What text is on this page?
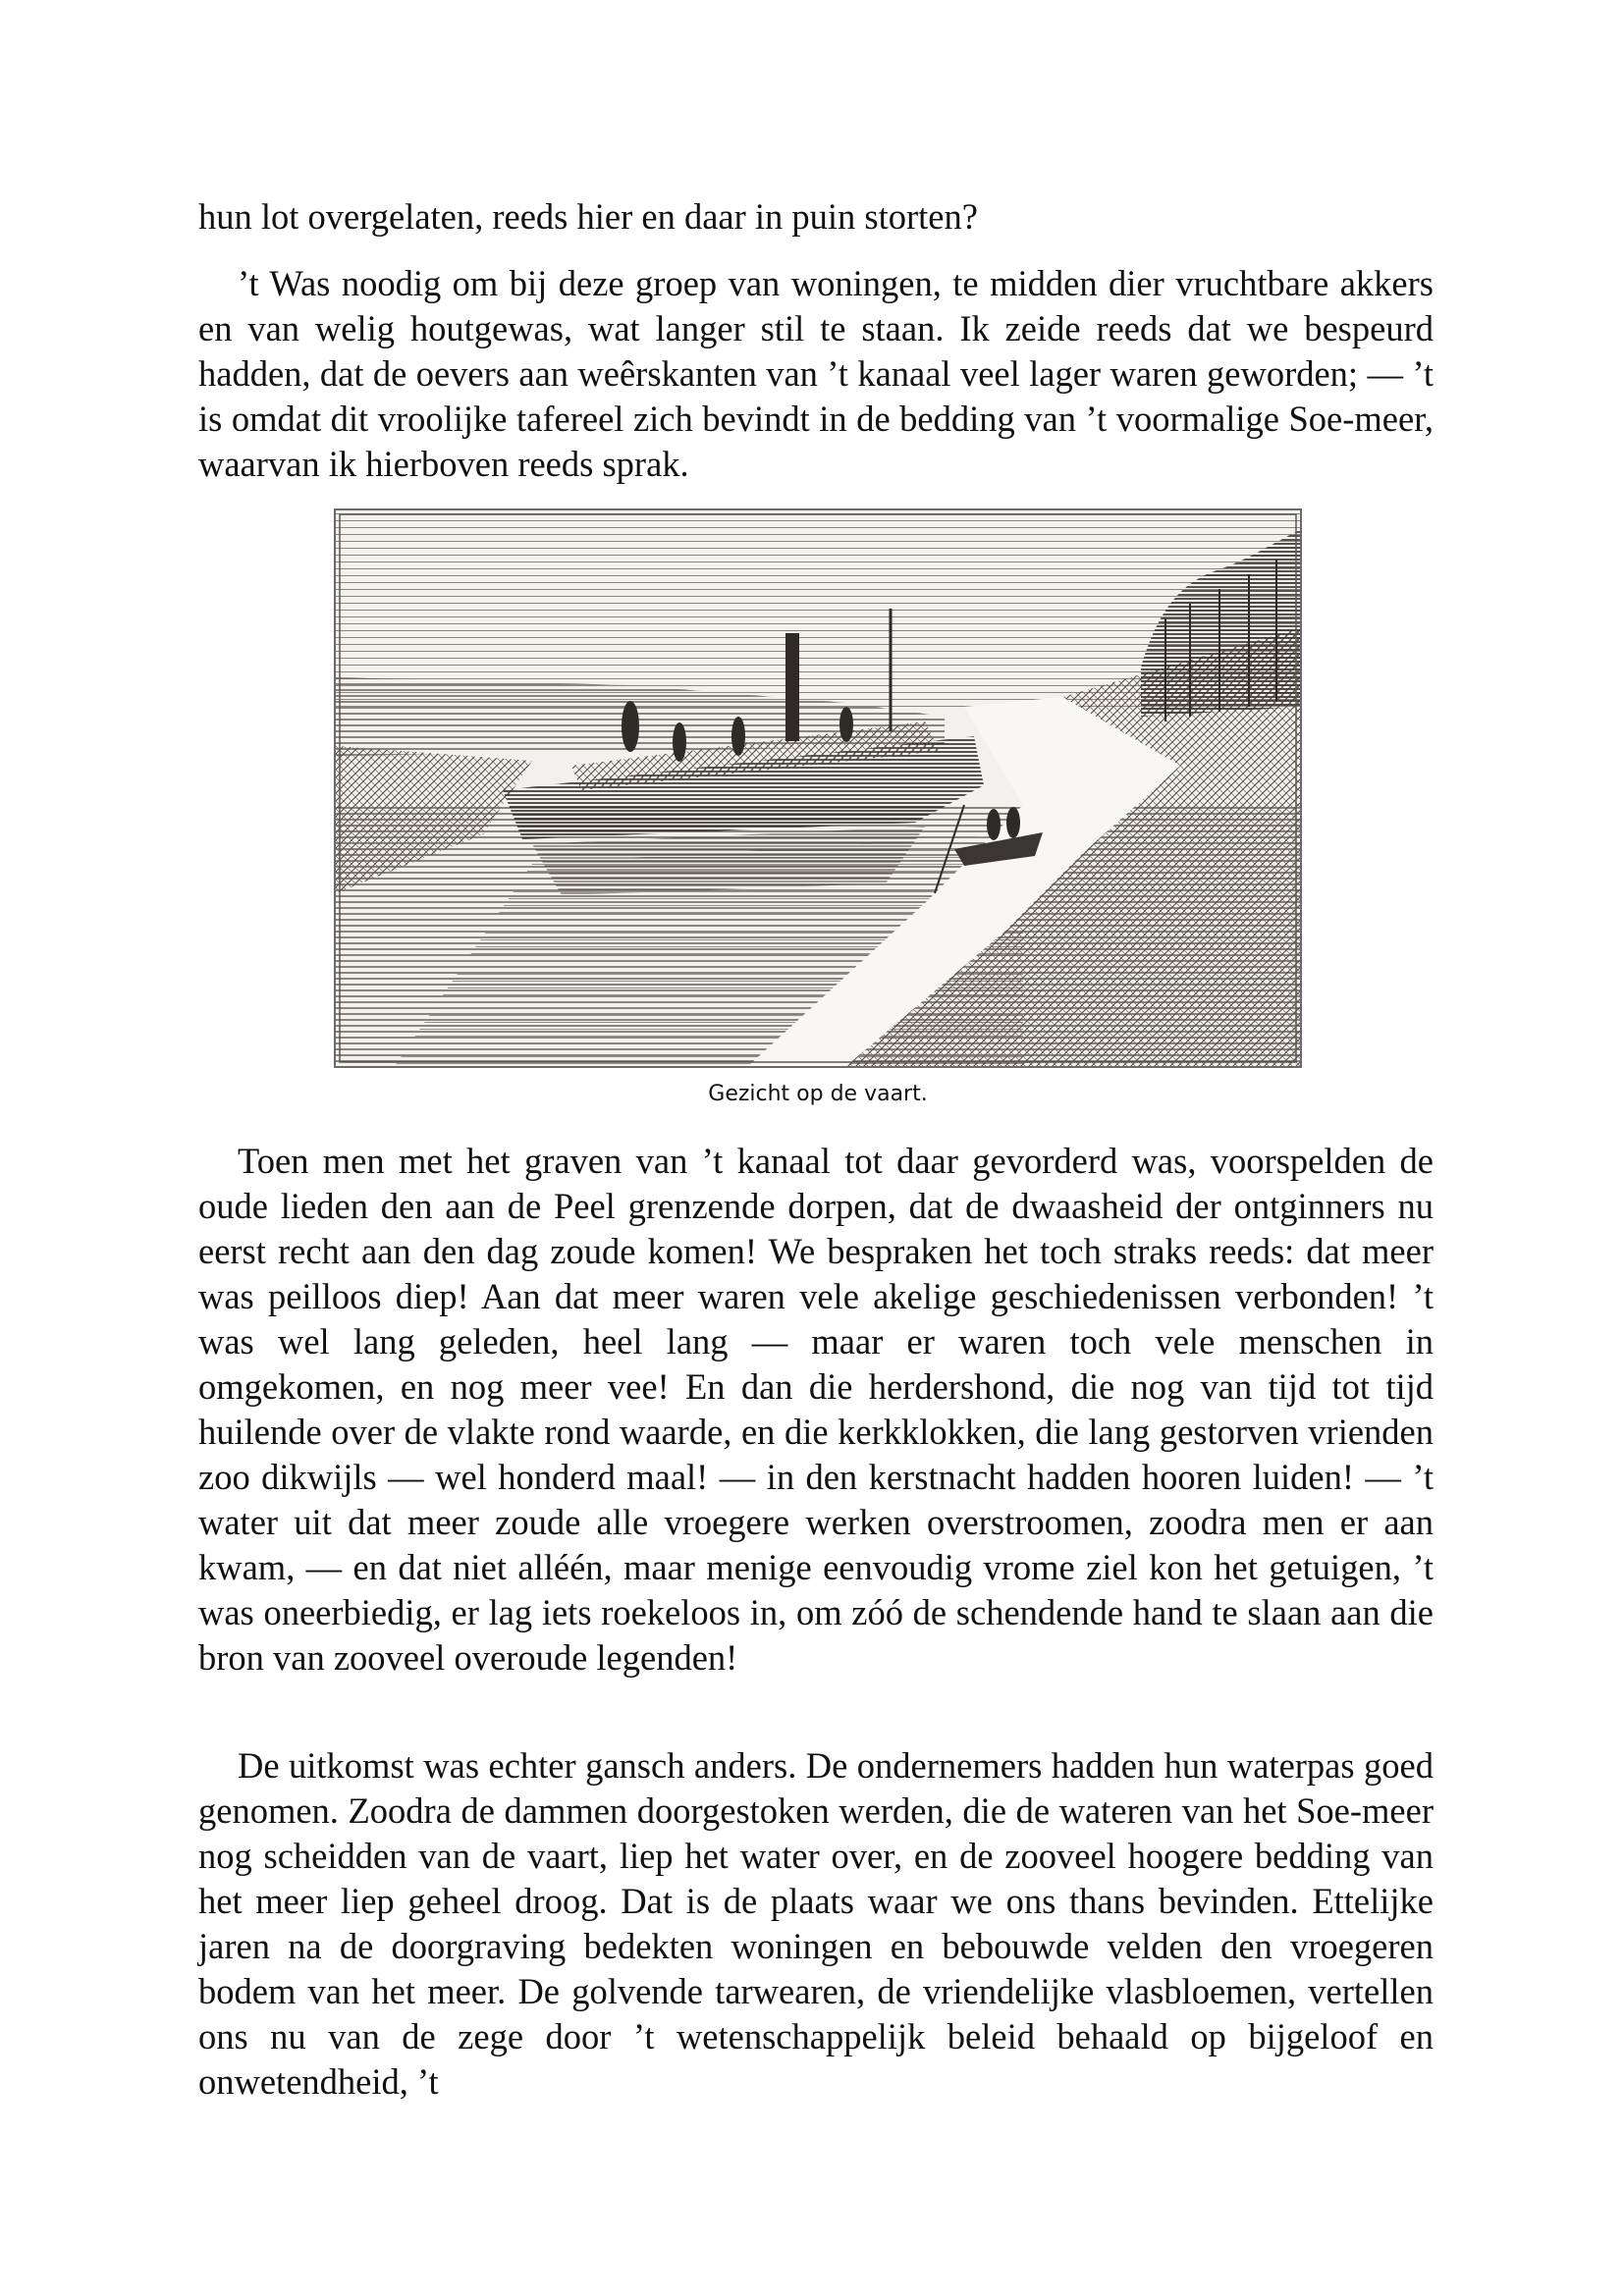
hun lot overgelaten, reeds hier en daar in puin storten?

’t Was noodig om bij deze groep van woningen, te midden dier vruchtbare akkers en van welig houtgewas, wat langer stil te staan. Ik zeide reeds dat we bespeurd hadden, dat de oevers aan weêrskanten van ’t kanaal veel lager waren geworden; — ’t is omdat dit vroolijke tafereel zich bevindt in de bedding van ’t voormalige Soe-meer, waarvan ik hierboven reeds sprak.

Gezicht op de vaart.

Toen men met het graven van ’t kanaal tot daar gevorderd was, voorspelden de oude lieden den aan de Peel grenzende dorpen, dat de dwaasheid der ontginners nu eerst recht aan den dag zoude komen! We bespraken het toch straks reeds: dat meer was peilloos diep! Aan dat meer waren vele akelige geschiedenissen verbonden! ’t was wel lang geleden, heel lang — maar er waren toch vele menschen in omgekomen, en nog meer vee! En dan die herdershond, die nog van tijd tot tijd huilende over de vlakte rond waarde, en die kerkklokken, die lang gestorven vrienden zoo dikwijls — wel honderd maal! — in den kerstnacht hadden hooren luiden! — ’t water uit dat meer zoude alle vroegere werken overstroomen, zoodra men er aan kwam, — en dat niet alléén, maar menige eenvoudig vrome ziel kon het getuigen, ’t was oneerbiedig, er lag iets roekeloos in, om zóó de schendende hand te slaan aan die bron van zooveel overoude legenden!

De uitkomst was echter gansch anders. De ondernemers hadden hun waterpas goed genomen. Zoodra de dammen doorgestoken werden, die de wateren van het Soe-meer nog scheidden van de vaart, liep het water over, en de zooveel hoogere bedding van het meer liep geheel droog. Dat is de plaats waar we ons thans bevinden. Ettelijke jaren na de doorgraving bedekten woningen en bebouwde velden den vroegeren bodem van het meer. De golvende tarwearen, de vriendelijke vlasbloemen, vertellen ons nu van de zege door ’t wetenschappelijk beleid behaald op bijgeloof en onwetendheid, ’t
